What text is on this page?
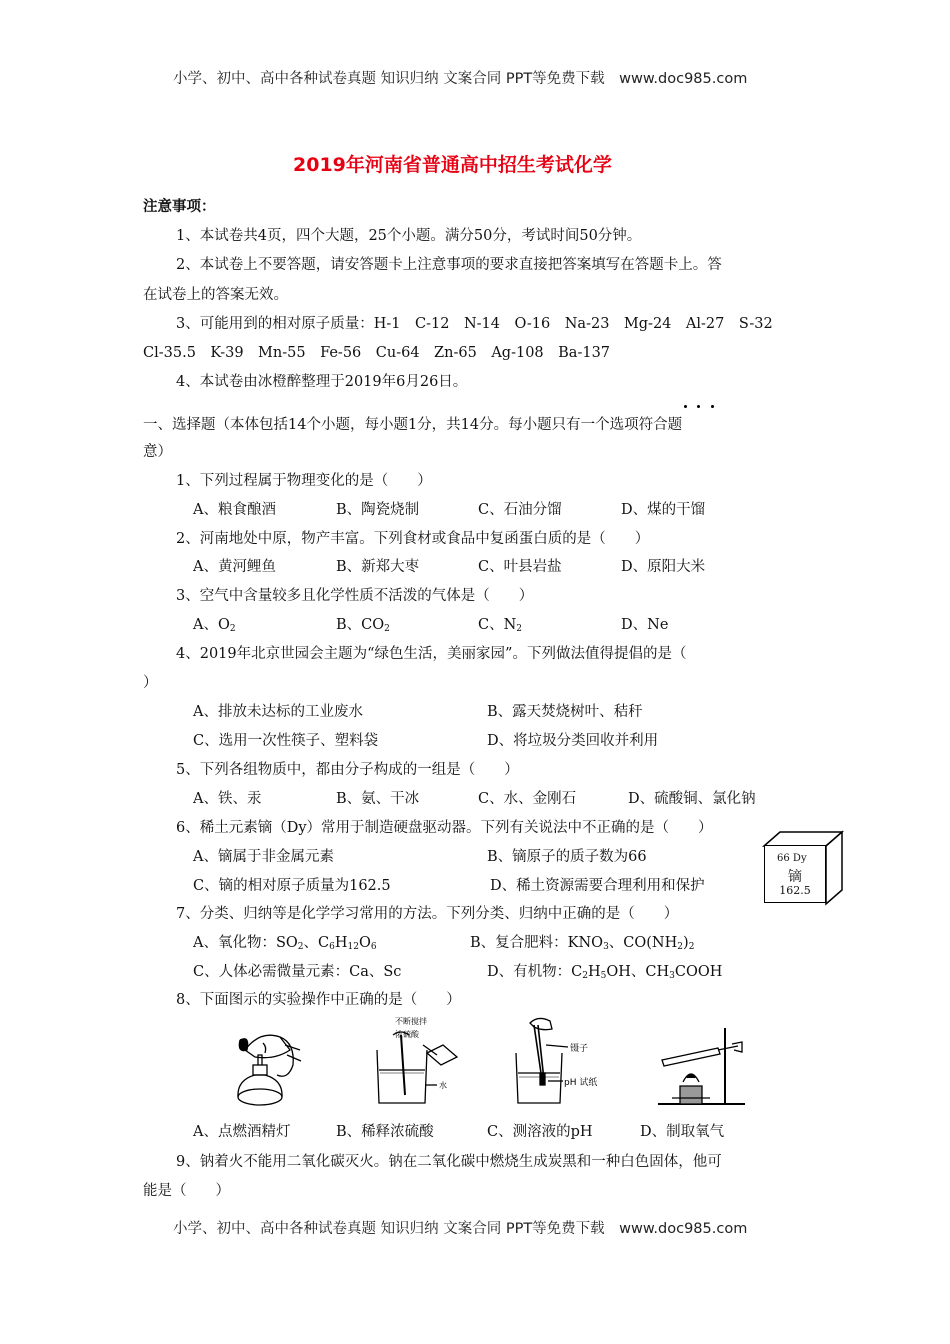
小学、初中、高中各种试卷真题 知识归纳 文案合同 PPT等免费下载　www.doc985.com
小学、初中、高中各种试卷真题 知识归纳 文案合同 PPT等免费下载　www.doc985.com
2019年河南省普通高中招生考试化学
注意事项：
1、本试卷共4页，四个大题，25个小题。满分50分，考试时间50分钟。
2、本试卷上不要答题，请安答题卡上注意事项的要求直接把答案填写在答题卡上。答
在试卷上的答案无效。
3、可能用到的相对原子质量：H-1　C-12　N-14　O-16　Na-23　Mg-24　Al-27　S-32
Cl-35.5　K-39　Mn-55　Fe-56　Cu-64　Zn-65　Ag-108　Ba-137
4、本试卷由冰橙醉整理于2019年6月26日。
一、选择题（本体包括14个小题，每小题1分，共14分。每小题只有一个选项符合题
意）
1、下列过程属于物理变化的是（　　）
A、粮食酿酒	B、陶瓷烧制	C、石油分馏	D、煤的干馏
2、河南地处中原，物产丰富。下列食材或食品中复函蛋白质的是（　　）
A、黄河鲤鱼	B、新郑大枣	C、叶县岩盐	D、原阳大米
3、空气中含量较多且化学性质不活泼的气体是（　　）
A、$O_2$	B、$CO_2$	C、$N_2$	D、Ne
4、2019年北京世园会主题为“绿色生活，美丽家园”。下列做法值得提倡的是（
）
A、排放未达标的工业废水	B、露天焚烧树叶、秸秆
C、选用一次性筷子、塑料袋	D、将垃圾分类回收并利用
5、下列各组物质中，都由分子构成的一组是（　　）
A、铁、汞	B、氨、干冰	C、水、金刚石	D、硫酸铜、氯化钠
6、稀土元素镝（Dy）常用于制造硬盘驱动器。下列有关说法中不正确的是（　　）
A、镝属于非金属元素	B、镝原子的质子数为66
C、镝的相对原子质量为162.5	D、稀土资源需要合理利用和保护
66 Dy
镝
162.5
7、分类、归纳等是化学学习常用的方法。下列分类、归纳中正确的是（　　）
A、氧化物：$SO_2$、$C_6H_{12}O_6$	B、复合肥料：$KNO_3$、$CO(NH_2)_2$
C、人体必需微量元素：Ca、Sc	D、有机物：$C_2H_5OH$、$CH_3COOH$
8、下面图示的实验操作中正确的是（　　）
不断搅拌
浓硫酸
水
镊子
pH 试纸
A、点燃酒精灯	B、稀释浓硫酸	C、测溶液的pH	D、制取氧气
9、钠着火不能用二氧化碳灭火。钠在二氧化碳中燃烧生成炭黑和一种白色固体，他可
能是（　　）
